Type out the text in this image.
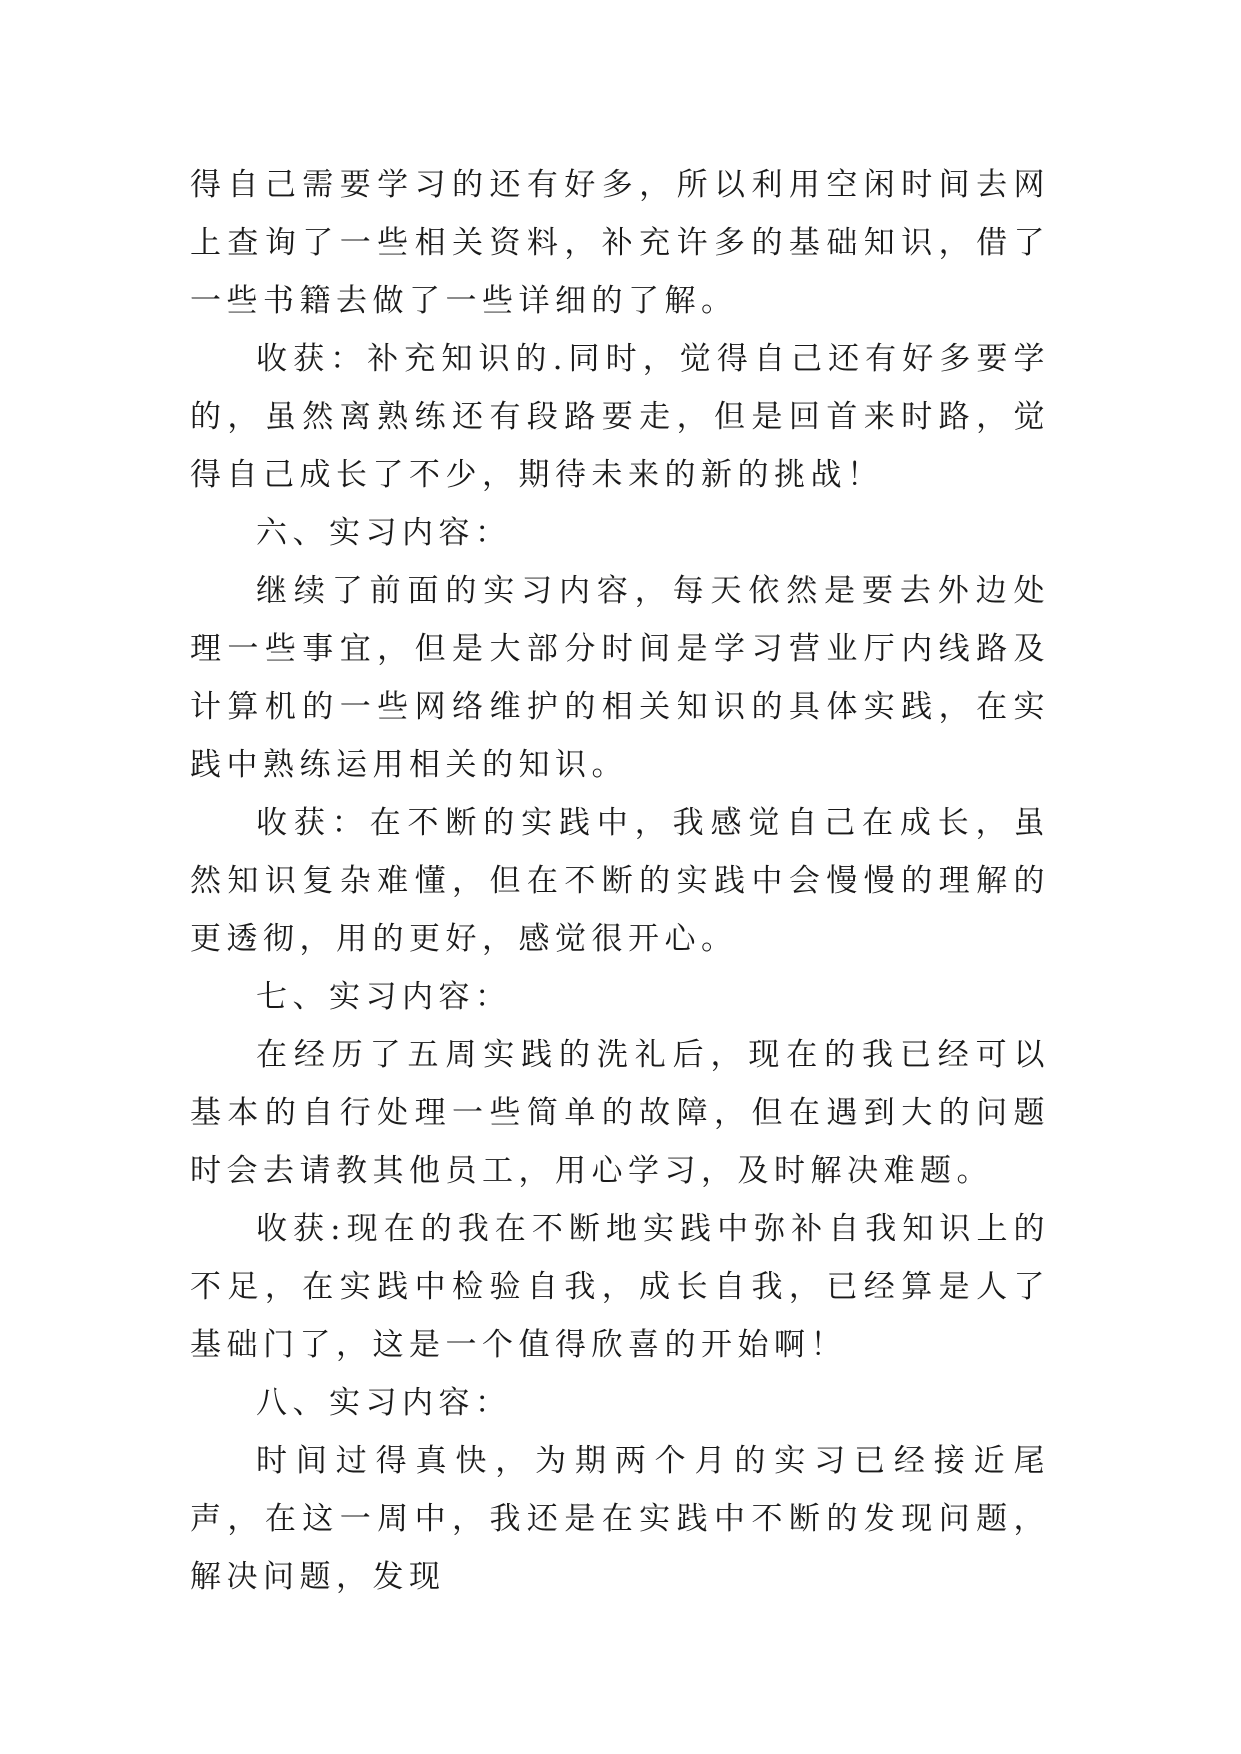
得自己需要学习的还有好多，所以利用空闲时间去网上查询了一些相关资料，补充许多的基础知识，借了一些书籍去做了一些详细的了解。

收获：补充知识的.同时，觉得自己还有好多要学的，虽然离熟练还有段路要走，但是回首来时路，觉得自己成长了不少，期待未来的新的挑战！

六、实习内容：

继续了前面的实习内容，每天依然是要去外边处理一些事宜，但是大部分时间是学习营业厅内线路及计算机的一些网络维护的相关知识的具体实践，在实践中熟练运用相关的知识。

收获：在不断的实践中，我感觉自己在成长，虽然知识复杂难懂，但在不断的实践中会慢慢的理解的更透彻，用的更好，感觉很开心。

七、实习内容：

在经历了五周实践的洗礼后，现在的我已经可以基本的自行处理一些简单的故障，但在遇到大的问题时会去请教其他员工，用心学习，及时解决难题。

收获:现在的我在不断地实践中弥补自我知识上的不足，在实践中检验自我，成长自我，已经算是人了基础门了，这是一个值得欣喜的开始啊！

八、实习内容：

时间过得真快，为期两个月的实习已经接近尾声，在这一周中，我还是在实践中不断的发现问题，解决问题，发现
